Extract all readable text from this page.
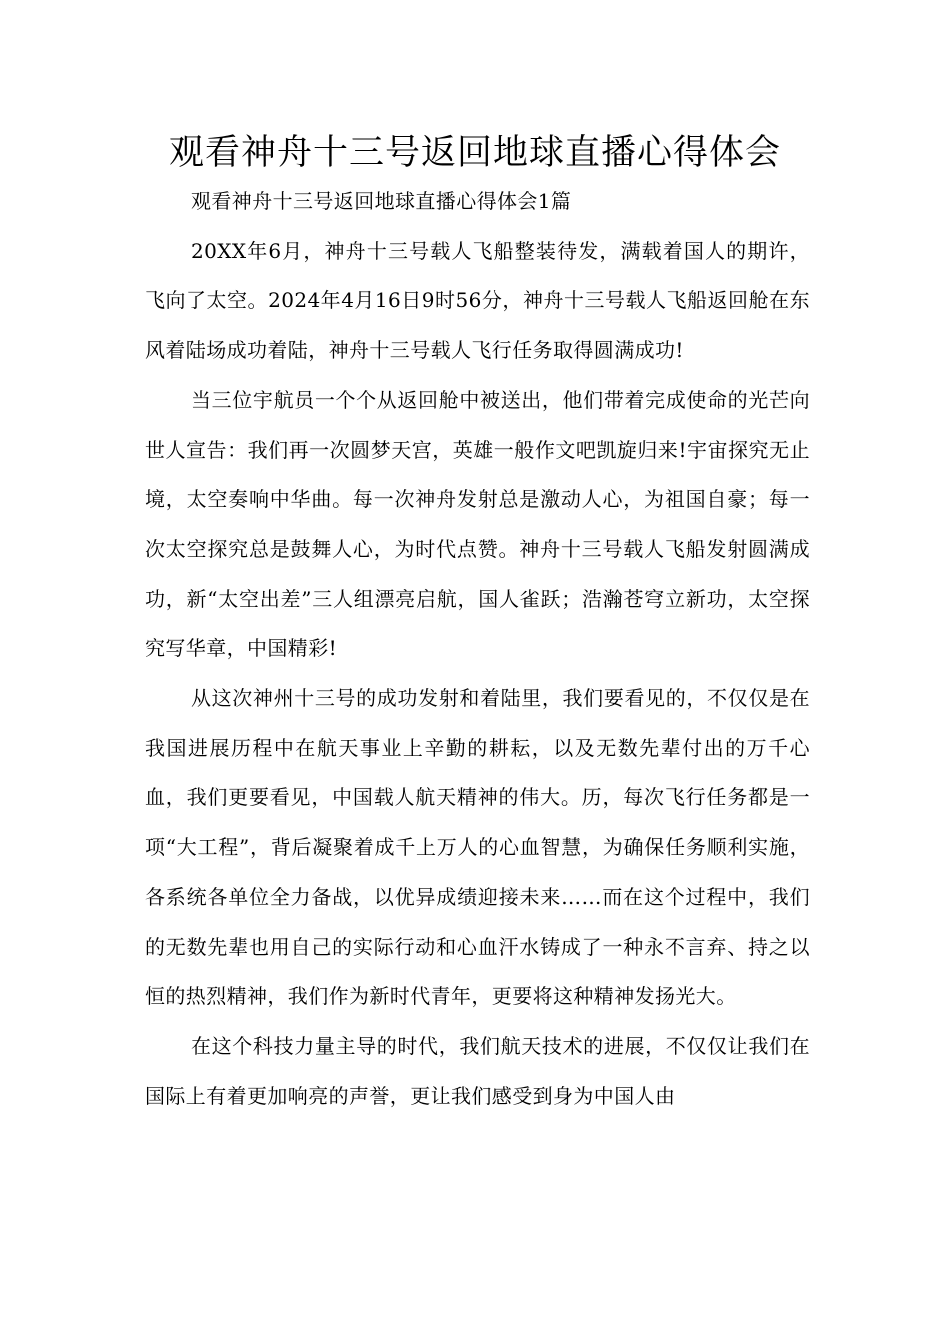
观看神舟十三号返回地球直播心得体会

观看神舟十三号返回地球直播心得体会1篇

20XX年6月，神舟十三号载人飞船整装待发，满载着国人的期许，飞向了太空。2024年4月16日9时56分，神舟十三号载人飞船返回舱在东风着陆场成功着陆，神舟十三号载人飞行任务取得圆满成功!

当三位宇航员一个个从返回舱中被送出，他们带着完成使命的光芒向世人宣告：我们再一次圆梦天宫，英雄一般作文吧凯旋归来!宇宙探究无止境，太空奏响中华曲。每一次神舟发射总是激动人心，为祖国自豪；每一次太空探究总是鼓舞人心，为时代点赞。神舟十三号载人飞船发射圆满成功，新“太空出差”三人组漂亮启航，国人雀跃；浩瀚苍穹立新功，太空探究写华章，中国精彩!

从这次神州十三号的成功发射和着陆里，我们要看见的，不仅仅是在我国进展历程中在航天事业上辛勤的耕耘，以及无数先辈付出的万千心血，我们更要看见，中国载人航天精神的伟大。历，每次飞行任务都是一项“大工程”，背后凝聚着成千上万人的心血智慧，为确保任务顺利实施，各系统各单位全力备战，以优异成绩迎接未来……而在这个过程中，我们的无数先辈也用自己的实际行动和心血汗水铸成了一种永不言弃、持之以恒的热烈精神，我们作为新时代青年，更要将这种精神发扬光大。

在这个科技力量主导的时代，我们航天技术的进展，不仅仅让我们在国际上有着更加响亮的声誉，更让我们感受到身为中国人由
